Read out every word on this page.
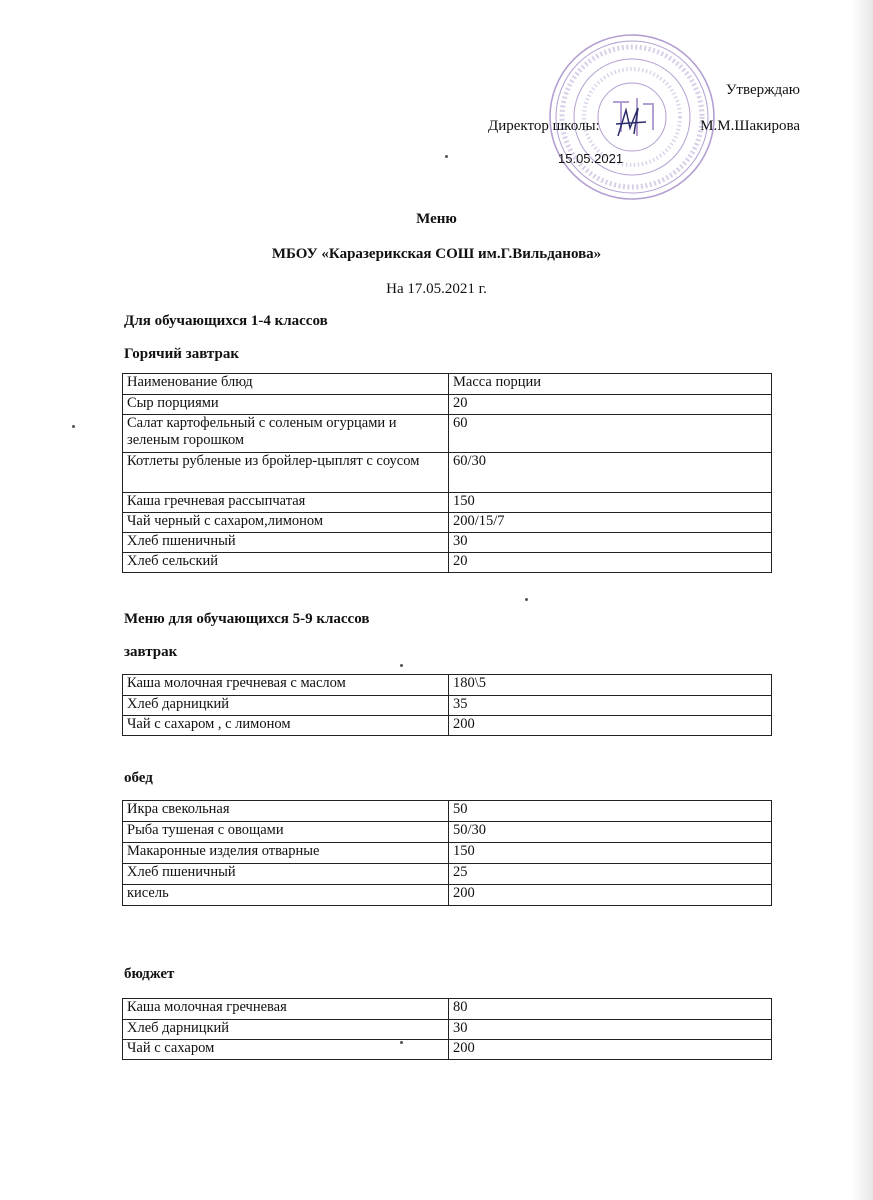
Утверждаю
Директор школы:	М.М.Шакирова
15.05.2021
Меню
МБОУ «Каразерикская СОШ им.Г.Вильданова»
На 17.05.2021 г.
Для обучающихся 1-4 классов
Горячий завтрак
Наименование блюд	Масса порции
Сыр порциями	20
Салат картофельный с соленым огурцами и зеленым горошком	60
Котлеты рубленые из бройлер-цыплят с соусом	60/30
Каша гречневая рассыпчатая	150
Чай черный с сахаром,лимоном	200/15/7
Хлеб пшеничный	30
Хлеб сельский	20
Меню для обучающихся 5-9 классов
завтрак
Каша молочная гречневая с маслом	180\5
Хлеб дарницкий	35
Чай с сахаром , с лимоном	200
обед
Икра свекольная	50
Рыба тушеная с овощами	50/30
Макаронные изделия отварные	150
Хлеб пшеничный	25
кисель	200
бюджет
Каша молочная гречневая	80
Хлеб дарницкий	30
Чай с сахаром	200
